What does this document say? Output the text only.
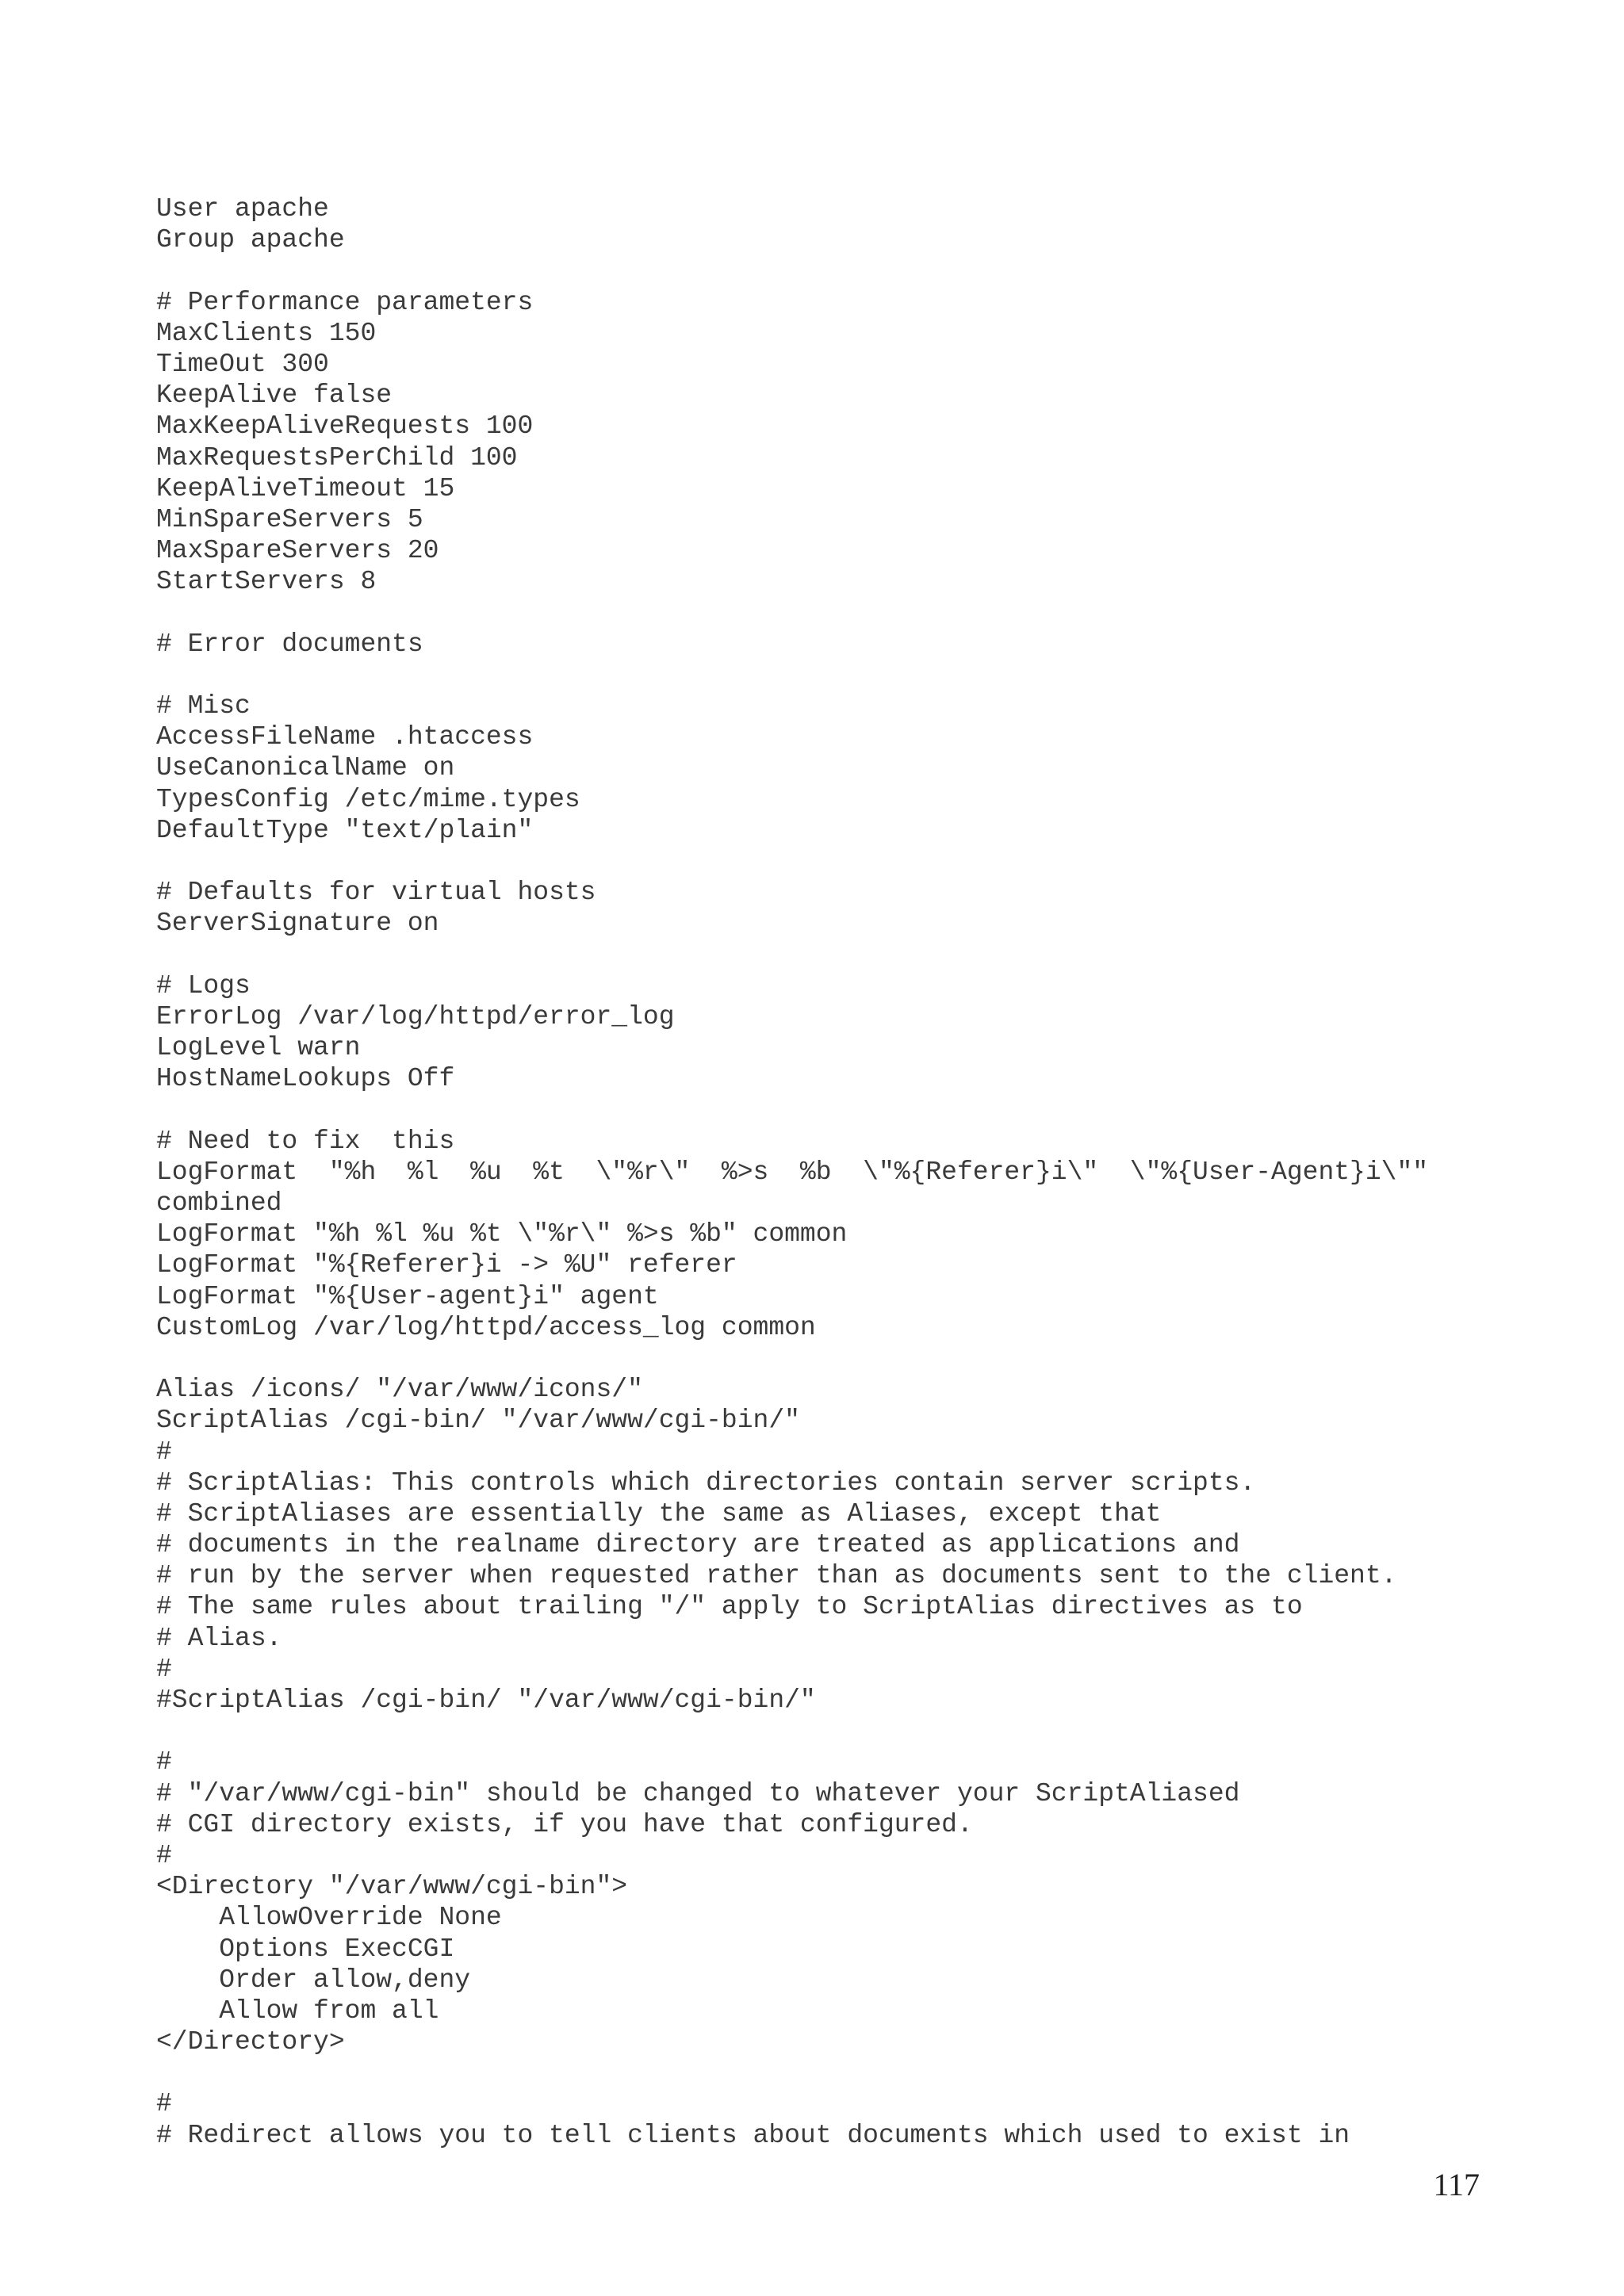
User apache
Group apache
# Performance parameters
MaxClients 150
TimeOut 300
KeepAlive false
MaxKeepAliveRequests 100
MaxRequestsPerChild 100
KeepAliveTimeout 15
MinSpareServers 5
MaxSpareServers 20
StartServers 8
# Error documents
# Misc
AccessFileName .htaccess
UseCanonicalName on
TypesConfig /etc/mime.types
DefaultType "text/plain"
# Defaults for virtual hosts
ServerSignature on
# Logs
ErrorLog /var/log/httpd/error_log
LogLevel warn
HostNameLookups Off
# Need to fix  this
LogFormat  "%h  %l  %u  %t  \"%r\"  %>s  %b  \"%{Referer}i\"  \"%{User-Agent}i\""
combined
LogFormat "%h %l %u %t \"%r\" %>s %b" common
LogFormat "%{Referer}i -> %U" referer
LogFormat "%{User-agent}i" agent
CustomLog /var/log/httpd/access_log common
Alias /icons/ "/var/www/icons/"
ScriptAlias /cgi-bin/ "/var/www/cgi-bin/"
#
# ScriptAlias: This controls which directories contain server scripts.
# ScriptAliases are essentially the same as Aliases, except that
# documents in the realname directory are treated as applications and
# run by the server when requested rather than as documents sent to the client.
# The same rules about trailing "/" apply to ScriptAlias directives as to
# Alias.
#
#ScriptAlias /cgi-bin/ "/var/www/cgi-bin/"
#
# "/var/www/cgi-bin" should be changed to whatever your ScriptAliased
# CGI directory exists, if you have that configured.
#
<Directory "/var/www/cgi-bin">
AllowOverride None
Options ExecCGI
Order allow,deny
Allow from all
</Directory>
#
# Redirect allows you to tell clients about documents which used to exist in
117
